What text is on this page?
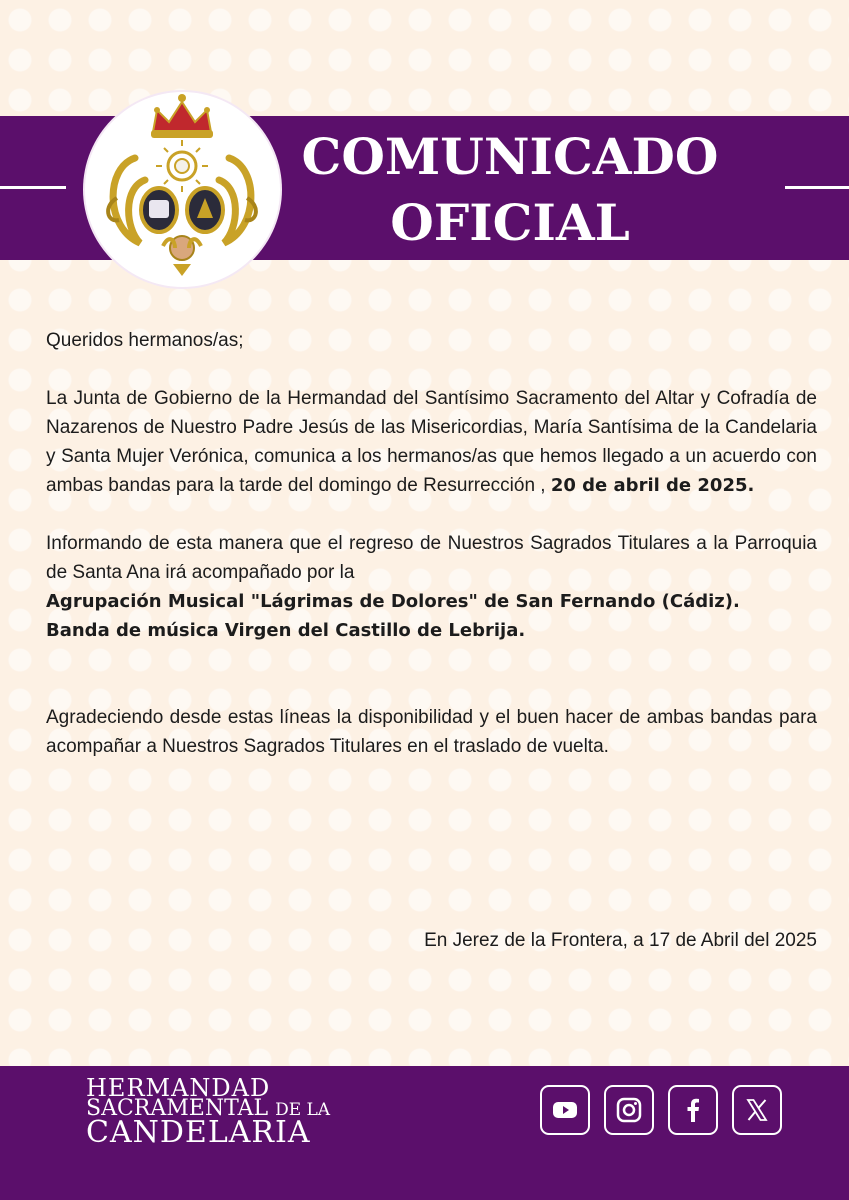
COMUNICADO
OFICIAL

Queridos hermanos/as;

La Junta de Gobierno de la Hermandad del Santísimo Sacramento del Altar y Cofradía de Nazarenos de Nuestro Padre Jesús de las Misericordias, María Santísima de la Candelaria y Santa Mujer Verónica, comunica a los hermanos/as que hemos llegado a un acuerdo con ambas bandas para la tarde del domingo de Resurrección , 20 de abril de 2025.

Informando de esta manera que el regreso de Nuestros Sagrados Titulares a la Parroquia de Santa Ana irá acompañado por la
Agrupación Musical "Lágrimas de Dolores" de San Fernando (Cádiz).
Banda de música Virgen del Castillo de Lebrija.

Agradeciendo desde estas líneas la disponibilidad y el buen hacer de ambas bandas para acompañar a Nuestros Sagrados Titulares en el traslado de vuelta.

En Jerez de la Frontera, a 17 de Abril del 2025
HERMANDAD
SACRAMENTAL DE LA
CANDELARIA
